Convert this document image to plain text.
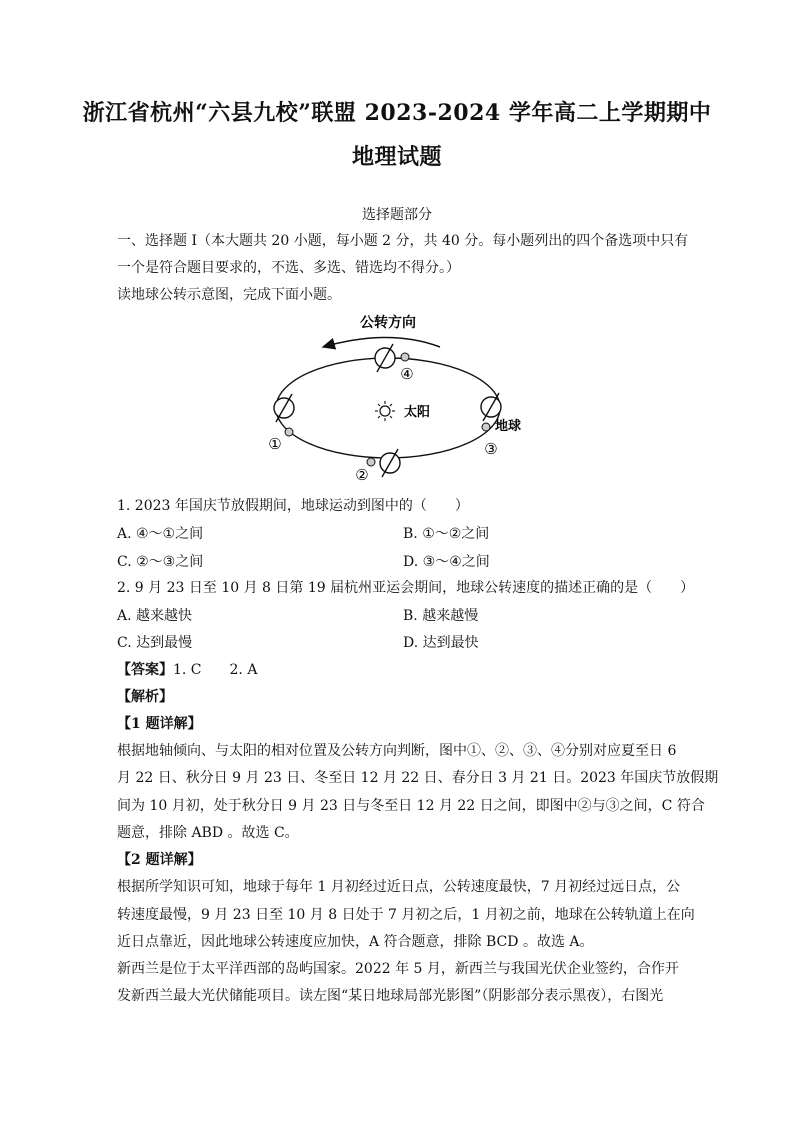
浙江省杭州“六县九校”联盟 2023-2024 学年高二上学期期中
地理试题
选择题部分
一、选择题 I（本大题共 20 小题，每小题 2 分，共 40 分。每小题列出的四个备选项中只有
一个是符合题目要求的，不选、多选、错选均不得分。）
读地球公转示意图，完成下面小题。
公转方向
太阳
④
①
②
地球
③
1. 2023 年国庆节放假期间，地球运动到图中的（　　）
A. ④～①之间	B. ①～②之间
C. ②～③之间	D. ③～④之间
2. 9 月 23 日至 10 月 8 日第 19 届杭州亚运会期间，地球公转速度的描述正确的是（　　）
A. 越来越快	B. 越来越慢
C. 达到最慢	D. 达到最快
【答案】1. C　　2. A
【解析】
【1 题详解】
根据地轴倾向、与太阳的相对位置及公转方向判断，图中①、②、③、④分别对应夏至日 6
月 22 日、秋分日 9 月 23 日、冬至日 12 月 22 日、春分日 3 月 21 日。2023 年国庆节放假期
间为 10 月初，处于秋分日 9 月 23 日与冬至日 12 月 22 日之间，即图中②与③之间，C 符合
题意，排除 ABD 。故选 C。
【2 题详解】
根据所学知识可知，地球于每年 1 月初经过近日点，公转速度最快，7 月初经过远日点，公
转速度最慢，9 月 23 日至 10 月 8 日处于 7 月初之后，1 月初之前，地球在公转轨道上在向
近日点靠近，因此地球公转速度应加快，A 符合题意，排除 BCD 。故选 A。
新西兰是位于太平洋西部的岛屿国家。2022 年 5 月，新西兰与我国光伏企业签约，合作开
发新西兰最大光伏储能项目。读左图“某日地球局部光影图”（阴影部分表示黑夜），右图光
